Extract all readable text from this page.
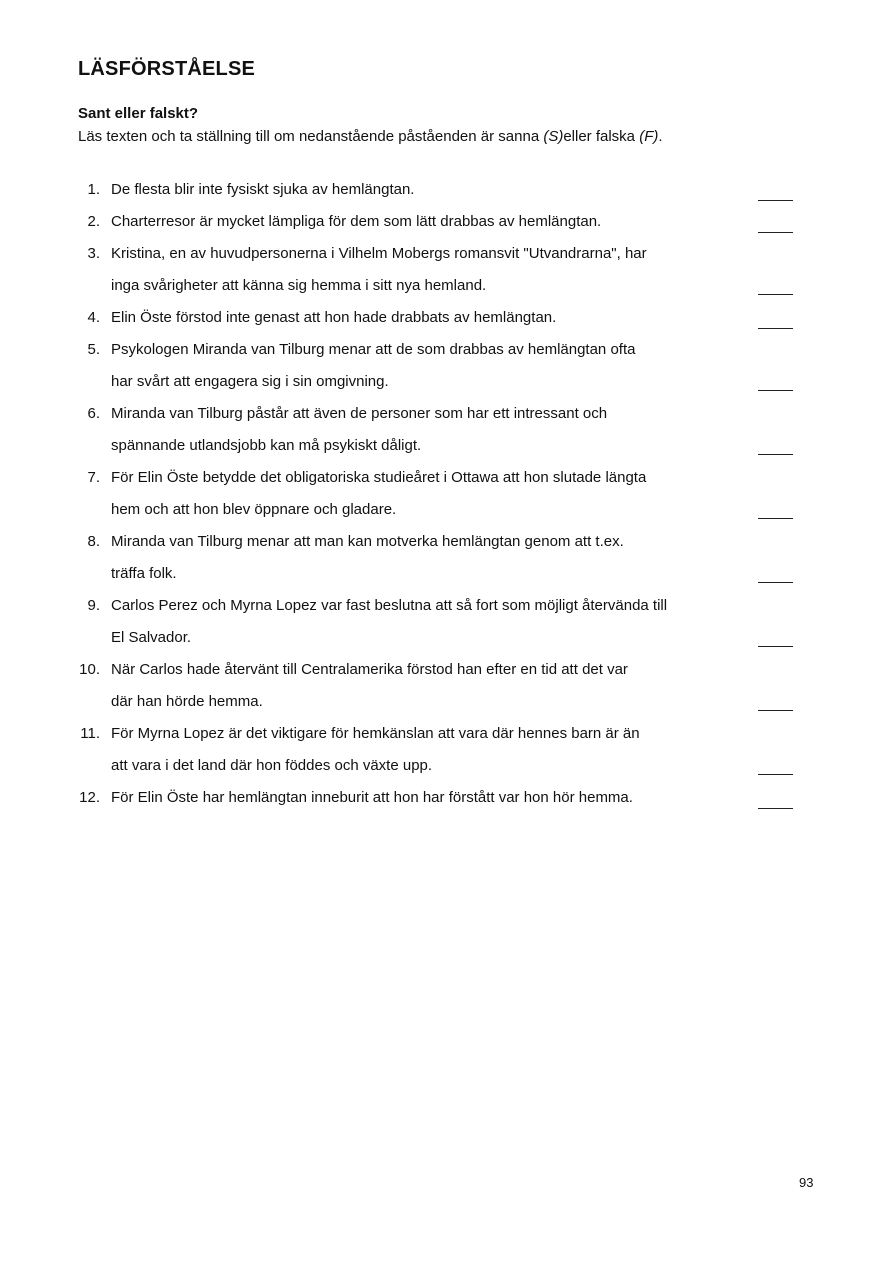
LÄSFÖRSTÅELSE
Sant eller falskt?

Läs texten och ta ställning till om nedanstående påståenden är sanna (S)eller falska (F).

1. De flesta blir inte fysiskt sjuka av hemlängtan.
2. Charterresor är mycket lämpliga för dem som lätt drabbas av hemlängtan.
3. Kristina, en av huvudpersonerna i Vilhelm Mobergs romansvit "Utvandrarna", har
inga svårigheter att känna sig hemma i sitt nya hemland.
4. Elin Öste förstod inte genast att hon hade drabbats av hemlängtan.
5. Psykologen Miranda van Tilburg menar att de som drabbas av hemlängtan ofta
har svårt att engagera sig i sin omgivning.
6. Miranda van Tilburg påstår att även de personer som har ett intressant och
spännande utlandsjobb kan må psykiskt dåligt.
7. För Elin Öste betydde det obligatoriska studieåret i Ottawa att hon slutade längta
hem och att hon blev öppnare och gladare.
8. Miranda van Tilburg menar att man kan motverka hemlängtan genom att t.ex.
träffa folk.
9. Carlos Perez och Myrna Lopez var fast beslutna att så fort som möjligt återvända till
El Salvador.
10. När Carlos hade återvänt till Centralamerika förstod han efter en tid att det var
där han hörde hemma.
11. För Myrna Lopez är det viktigare för hemkänslan att vara där hennes barn är än
att vara i det land där hon föddes och växte upp.
12. För Elin Öste har hemlängtan inneburit att hon har förstått var hon hör hemma.
93
